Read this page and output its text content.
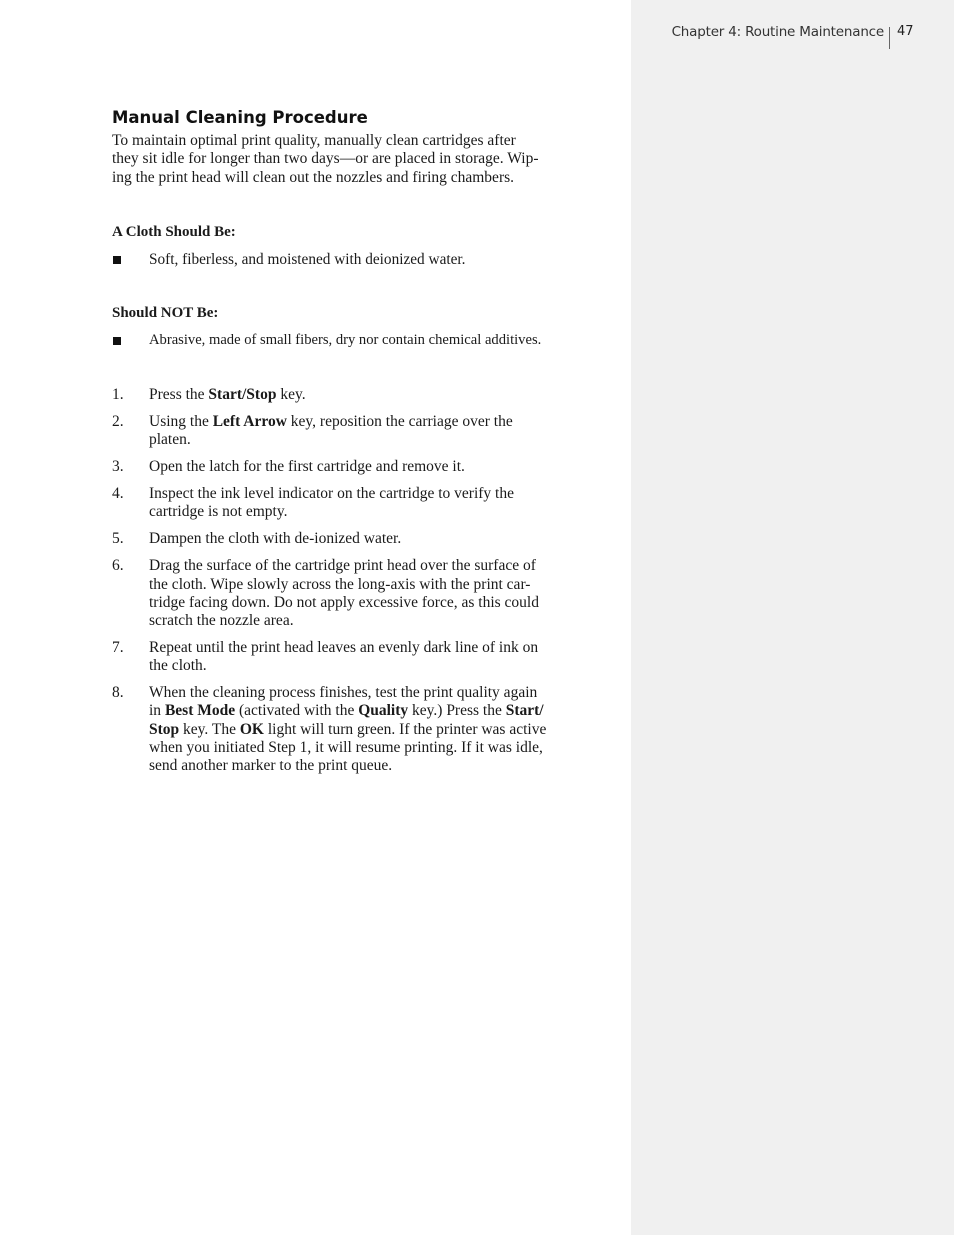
Chapter 4: Routine Maintenance 47
Manual Cleaning Procedure

To maintain optimal print quality, manually clean cartridges after
they sit idle for longer than two days—or are placed in storage. Wip-
ing the print head will clean out the nozzles and firing chambers.

A Cloth Should Be:

Soft, fiberless, and moistened with deionized water.

Should NOT Be:

Abrasive, made of small fibers, dry nor contain chemical additives.
1. Press the Start/Stop key.
2. Using the Left Arrow key, reposition the carriage over the
platen.
3. Open the latch for the first cartridge and remove it.
4. Inspect the ink level indicator on the cartridge to verify the
cartridge is not empty.
5. Dampen the cloth with de-ionized water.
6. Drag the surface of the cartridge print head over the surface of
the cloth. Wipe slowly across the long-axis with the print car-
tridge facing down. Do not apply excessive force, as this could
scratch the nozzle area.
7. Repeat until the print head leaves an evenly dark line of ink on
the cloth.
8. When the cleaning process finishes, test the print quality again
in Best Mode (activated with the Quality key.) Press the Start/
Stop key. The OK light will turn green. If the printer was active
when you initiated Step 1, it will resume printing. If it was idle,
send another marker to the print queue.
